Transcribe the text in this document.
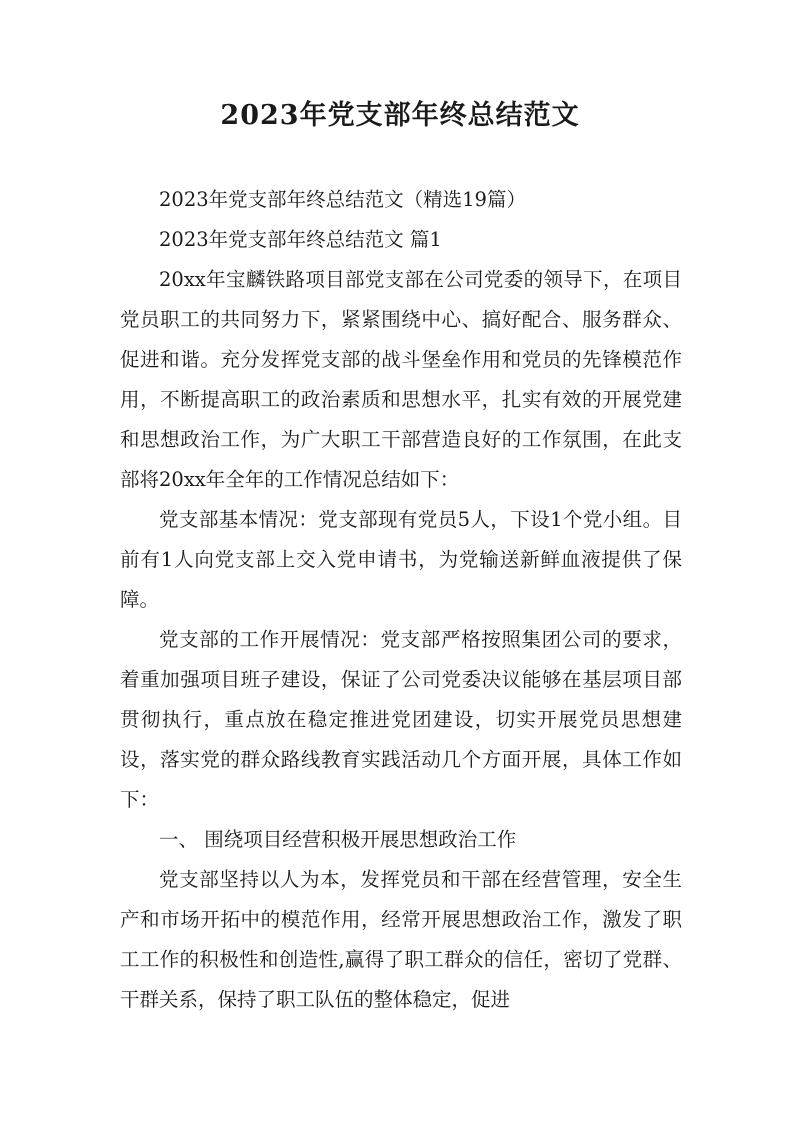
2023年党支部年终总结范文

2023年党支部年终总结范文（精选19篇）

2023年党支部年终总结范文 篇1

20xx年宝麟铁路项目部党支部在公司党委的领导下，在项目党员职工的共同努力下，紧紧围绕中心、搞好配合、服务群众、促进和谐。充分发挥党支部的战斗堡垒作用和党员的先锋模范作用，不断提高职工的政治素质和思想水平，扎实有效的开展党建和思想政治工作，为广大职工干部营造良好的工作氛围，在此支部将20xx年全年的工作情况总结如下：

党支部基本情况：党支部现有党员5人，下设1个党小组。目前有1人向党支部上交入党申请书，为党输送新鲜血液提供了保障。

党支部的工作开展情况：党支部严格按照集团公司的要求，着重加强项目班子建设，保证了公司党委决议能够在基层项目部贯彻执行，重点放在稳定推进党团建设，切实开展党员思想建设，落实党的群众路线教育实践活动几个方面开展，具体工作如下：

一、 围绕项目经营积极开展思想政治工作

党支部坚持以人为本，发挥党员和干部在经营管理，安全生产和市场开拓中的模范作用，经常开展思想政治工作，激发了职工工作的积极性和创造性,赢得了职工群众的信任，密切了党群、干群关系，保持了职工队伍的整体稳定，促进
